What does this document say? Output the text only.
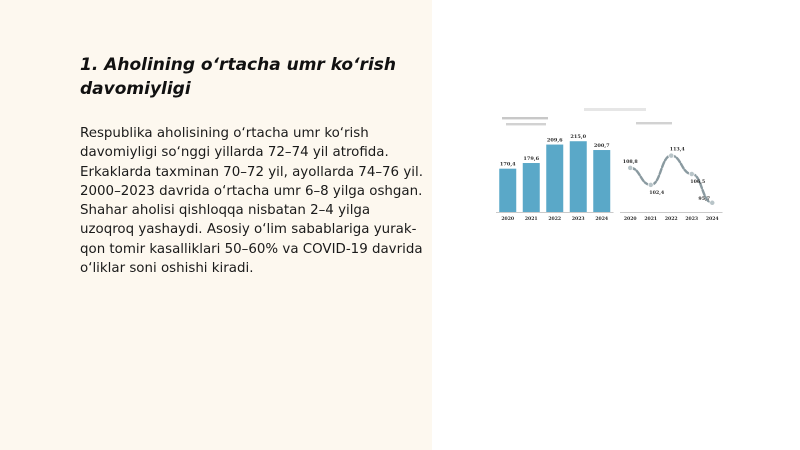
1. Aholining o‘rtacha umr ko‘rish davomiyligi

Respublika aholisining o‘rtacha umr ko‘rish davomiyligi so‘nggi yillarda 72–74 yil atrofida. Erkaklarda taxminan 70–72 yil, ayollarda 74–76 yil. 2000–2023 davrida o‘rtacha umr 6–8 yilga oshgan. Shahar aholisi qishloqqa nisbatan 2–4 yilga uzoqroq yashaydi. Asosiy o‘lim sabablariga yurak-qon tomir kasalliklari 50–60% va COVID-19 davrida o‘liklar soni oshishi kiradi.

170,4
2020
179,6
2021
209,6
2022
215,0
2023
200,7
2024
108,8
2020
102,4
2021
113,4
2022
106,5
2023
95,7
2024
